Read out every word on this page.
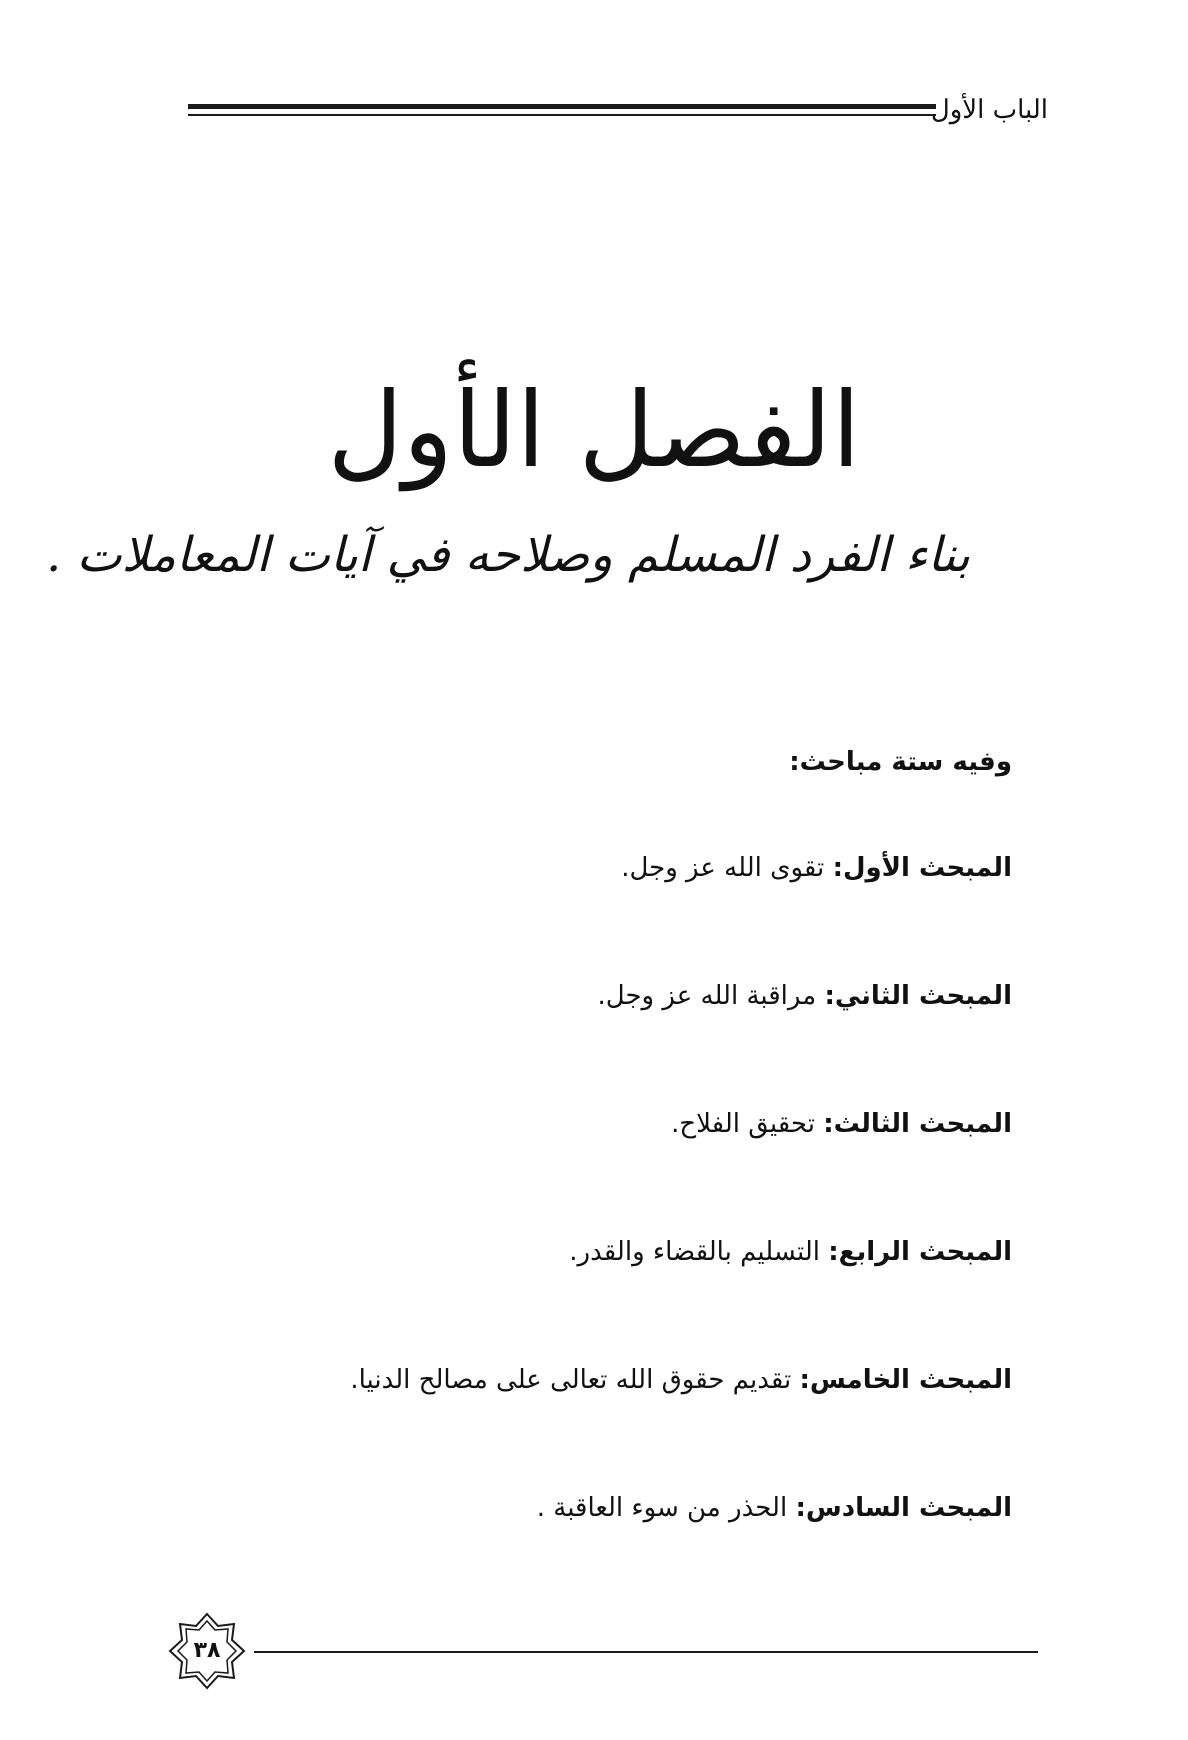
الباب الأول
الفصل الأول
بناء الفرد المسلم وصلاحه في آيات المعاملات .
وفيه ستة مباحث:
المبحث الأول: تقوى الله عز وجل.
المبحث الثاني: مراقبة الله عز وجل.
المبحث الثالث: تحقيق الفلاح.
المبحث الرابع: التسليم بالقضاء والقدر.
المبحث الخامس: تقديم حقوق الله تعالى على مصالح الدنيا.
المبحث السادس: الحذر من سوء العاقبة .
٣٨
